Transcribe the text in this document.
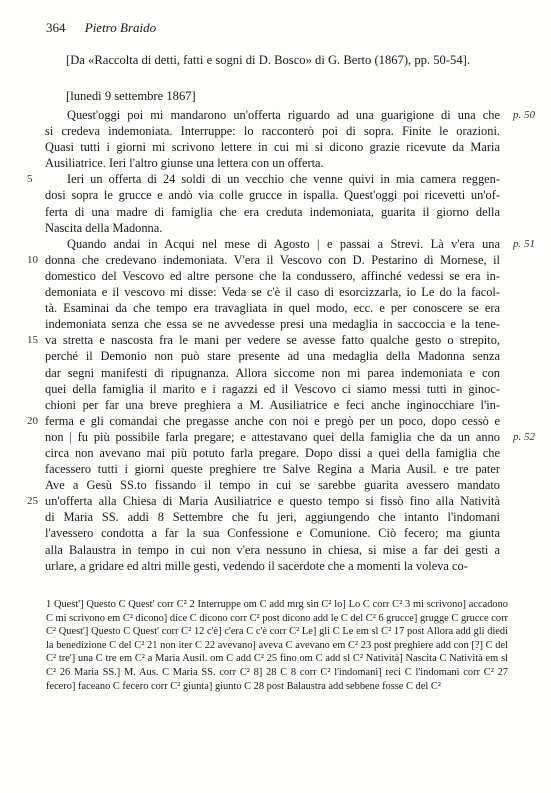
364 Pietro Braido
[Da «Raccolta di detti, fatti e sogni di D. Bosco» di G. Berto (1867), pp. 50-54].
[lunedì 9 settembre 1867]
Quest'oggi poi mi mandarono un'offerta riguardo ad una guarigione di una che p. 50
si credeva indemoniata. Interruppe: lo racconterò poi di sopra. Finite le orazioni.
Quasi tutti i giorni mi scrivono lettere in cui mi si dicono grazie ricevute da Maria
Ausiliatrice. Ieri l'altro giunse una lettera con un offerta.
Ieri un offerta di 24 soldi di un vecchio che venne quivi in mia camera reggen-
5
dosi sopra le grucce e andò via colle grucce in ispalla. Quest'oggi poi ricevetti un'of-
ferta di una madre di famiglia che era creduta indemoniata, guarita il giorno della
Nascita della Madonna.
Quando andai in Acqui nel mese di Agosto | e passai a Strevi. Là v'era una p. 51
donna che credevano indemoniata. V'era il Vescovo con D. Pestarino di Mornese, il
10
domestico del Vescovo ed altre persone che la condussero, affinché vedessi se era in-
demoniata e il vescovo mi disse: Veda se c'è il caso di esorcizzarla, io Le do la facol-
tà. Esaminai da che tempo era travagliata in quel modo, ecc. e per conoscere se era
indemoniata senza che essa se ne avvedesse presi una medaglia in saccoccia e la tene-
va stretta e nascosta fra le mani per vedere se avesse fatto qualche gesto o strepito,
15
perché il Demonio non può stare presente ad una medaglia della Madonna senza
dar segni manifesti di ripugnanza. Allora siccome non mi parea indemoniata e con
quei della famiglia il marito e i ragazzi ed il Vescovo ci siamo messi tutti in ginoc-
chioni per far una breve preghiera a M. Ausiliatrice e feci anche inginocchiare l'in-
ferma e gli comandai che pregasse anche con noi e pregò per un poco, dopo cessò e
20
non | fu più possibile farla pregare; e attestavano quei della famiglia che da un anno p. 52
circa non avevano mai più potuto farla pregare. Dopo dissi a quei della famiglia che
facessero tutti i giorni queste preghiere tre Salve Regina a Maria Ausil. e tre pater
Ave a Gesù SS.to fissando il tempo in cui se sarebbe guarita avessero mandato
un'offerta alla Chiesa di Maria Ausiliatrice e questo tempo si fissò fino alla Natività
25
di Maria SS. addì 8 Settembre che fu jeri, aggiungendo che intanto l'indomani
l'avessero condotta a far la sua Confessione e Comunione. Ciò fecero; ma giunta
alla Balaustra in tempo in cui non v'era nessuno in chiesa, si mise a far dei gesti a
urlare, a gridare ed altri mille gesti, vedendo il sacerdote che a momenti la voleva co-
1 Quest'] Questo C Quest' corr C² 2 Interruppe om C add mrg sin C² lo] Lo C corr C² 3 mi scrivono] accadono C mi scrivono em C² dicono] dice C dicono corr C² post dicono add le C del C² 6 grucce] grugge C grucce corr C² Quest'] Questo C Quest' corr C² 12 c'è] c'era C c'è corr C² Le] gli C Le em sl C² 17 post Allora add gli diedi la benedizione C del C² 21 non iter C 22 avevano] aveva C avevano em C² 23 post preghiere add con [?] C del C² tre'] una C tre em C² a Maria Ausil. om C add C² 25 fino om C add sl C² Natività] Nascita C Natività em sl C² 26 Maria SS.] M. Aus. C Maria SS. corr C² 8] 28 C 8 corr C² l'indomani] reci C l'indomani corr C² 27 fecero] faceano C fecero corr C² giunta] giunto C 28 post Balaustra add sebbene fosse C del C²
